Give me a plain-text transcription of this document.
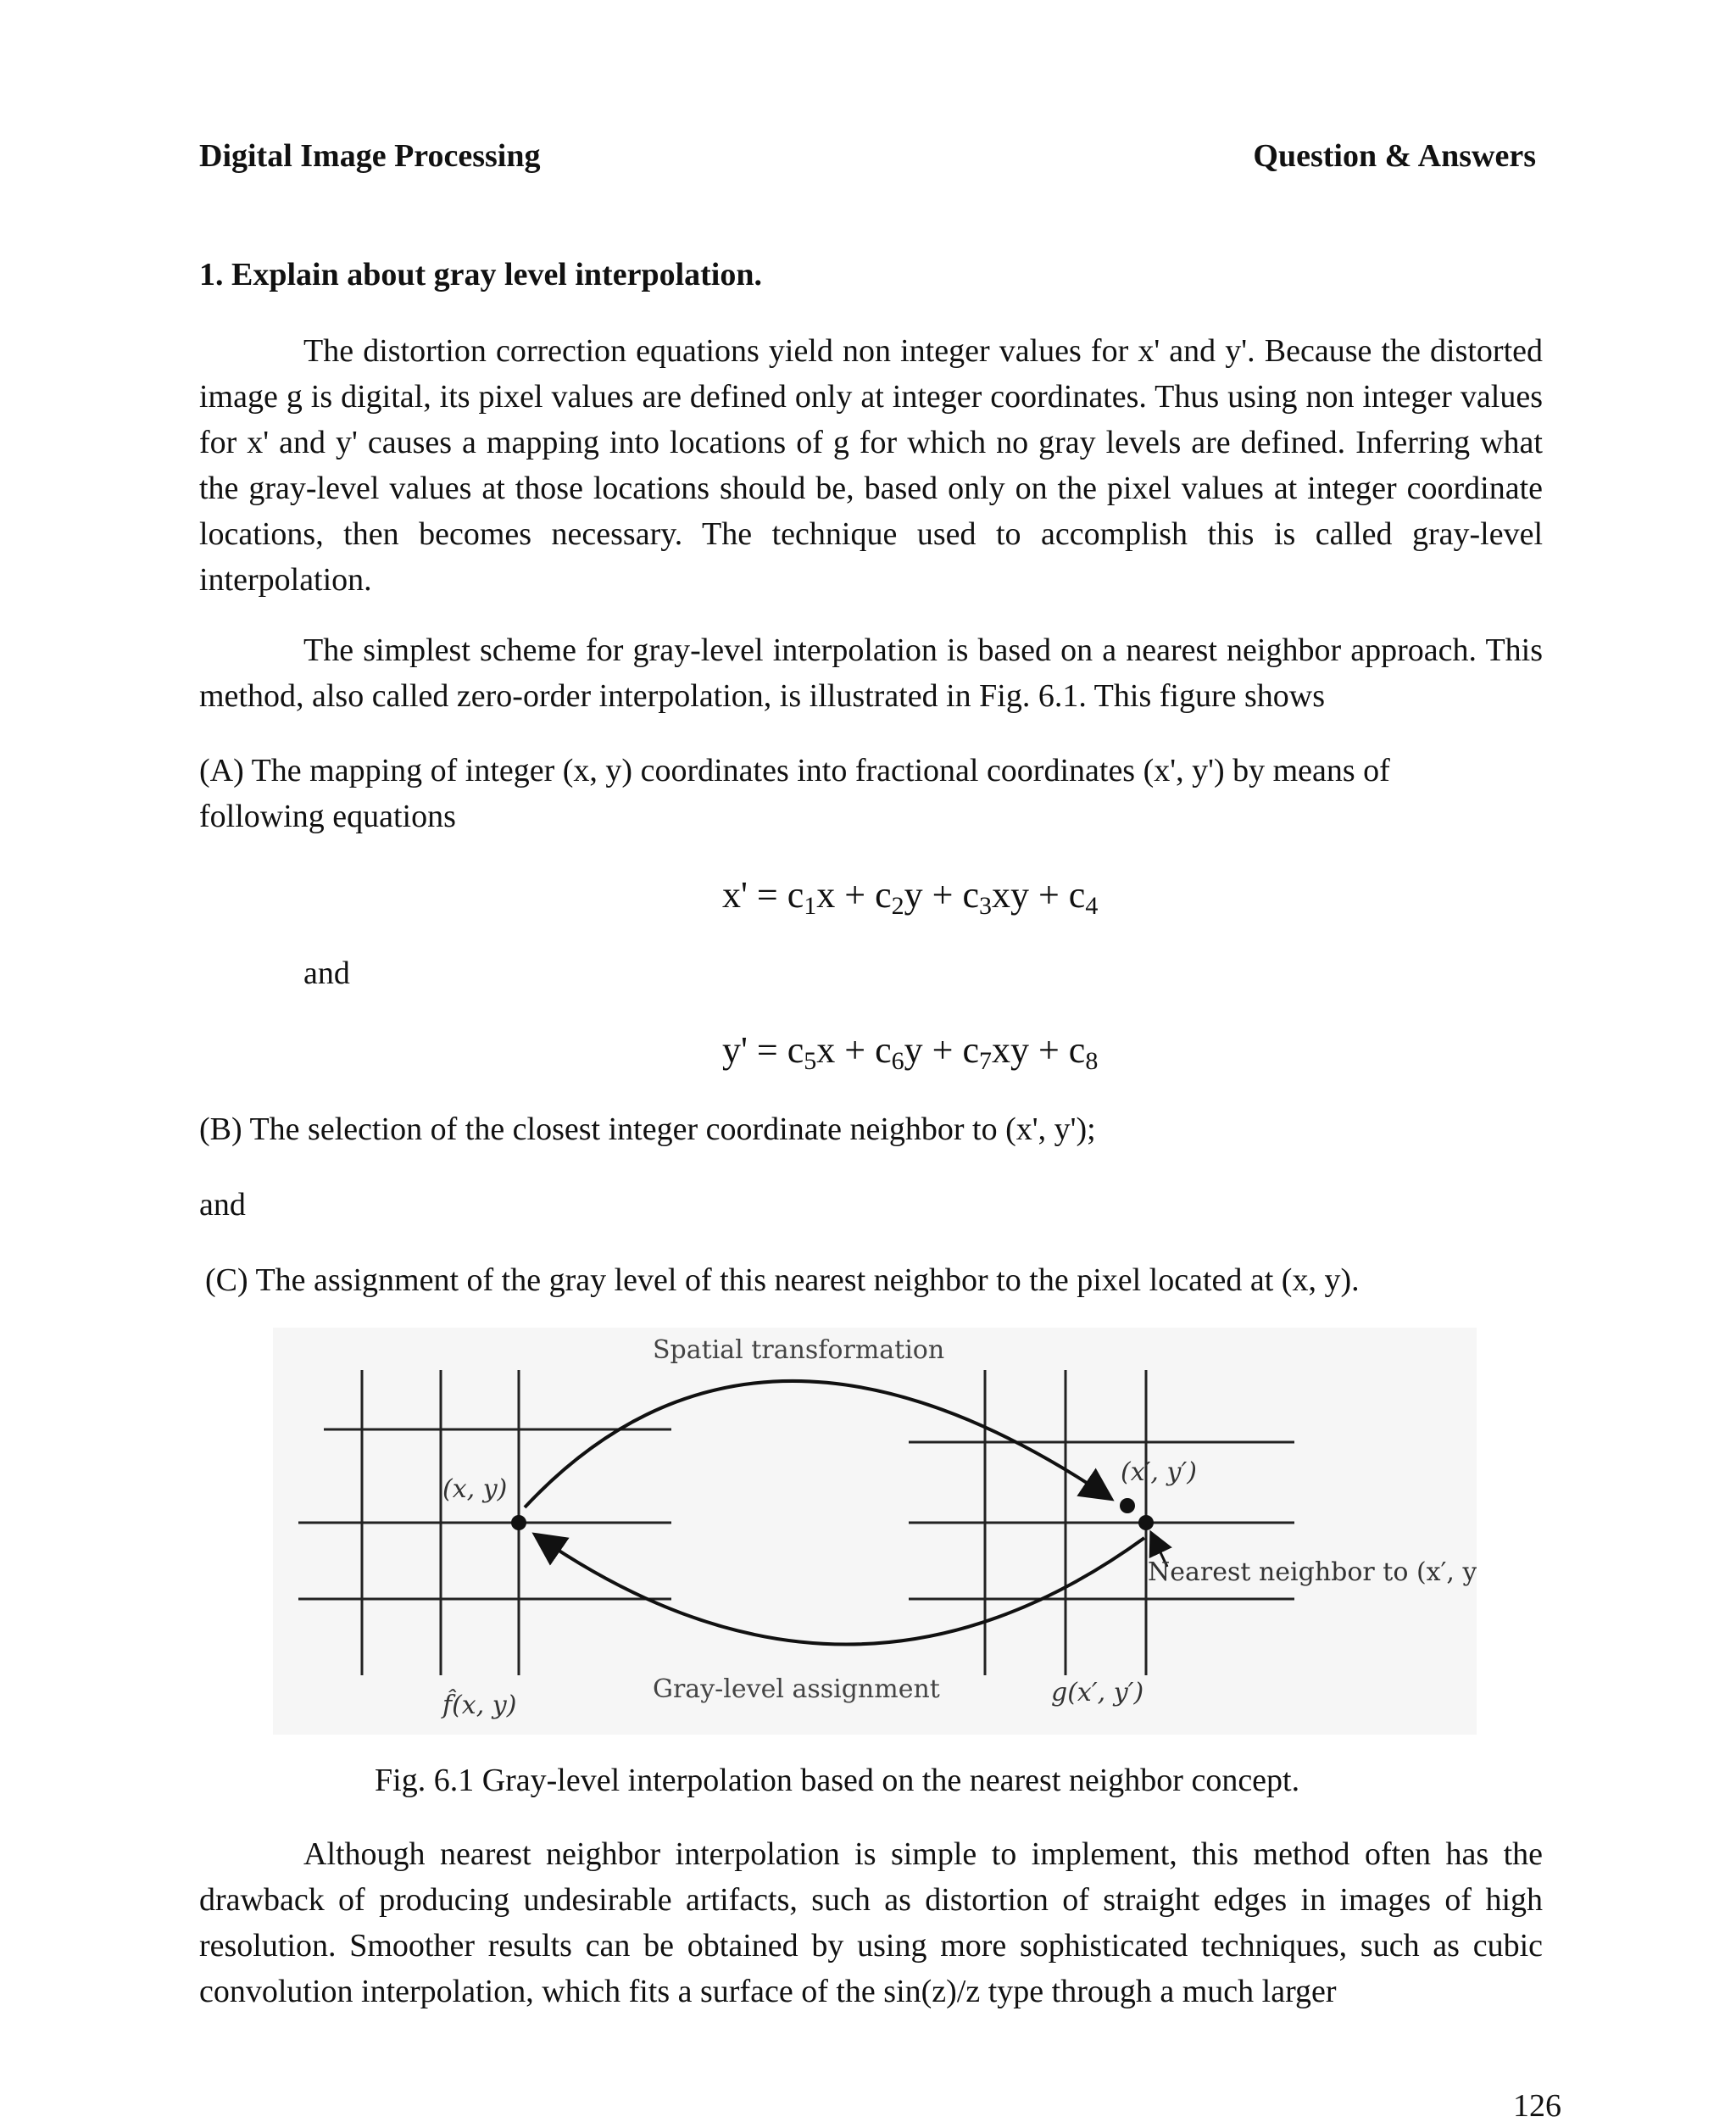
Digital Image Processing	Question & Answers
1. Explain about gray level interpolation.

The distortion correction equations yield non integer values for x' and y'. Because the distorted image g is digital, its pixel values are defined only at integer coordinates. Thus using non integer values for x' and y' causes a mapping into locations of g for which no gray levels are defined. Inferring what the gray-level values at those locations should be, based only on the pixel values at integer coordinate locations, then becomes necessary. The technique used to accomplish this is called gray-level interpolation.

The simplest scheme for gray-level interpolation is based on a nearest neighbor approach. This method, also called zero-order interpolation, is illustrated in Fig. 6.1. This figure shows

(A) The mapping of integer (x, y) coordinates into fractional coordinates (x', y') by means of following equations

$x' = c_1x + c_2y + c_3xy + c_4$
and
$y' = c_5x + c_6y + c_7xy + c_8$
(B) The selection of the closest integer coordinate neighbor to (x', y');
and
(C) The assignment of the gray level of this nearest neighbor to the pixel located at (x, y).
Spatial transformation
(x, y)
(x′, y′)
Nearest neighbor to (x′, y′)
f̂(x, y)
Gray-level assignment	g(x′, y′)
Fig. 6.1 Gray-level interpolation based on the nearest neighbor concept.

Although nearest neighbor interpolation is simple to implement, this method often has the drawback of producing undesirable artifacts, such as distortion of straight edges in images of high resolution. Smoother results can be obtained by using more sophisticated techniques, such as cubic convolution interpolation, which fits a surface of the sin(z)/z type through a much larger

126
